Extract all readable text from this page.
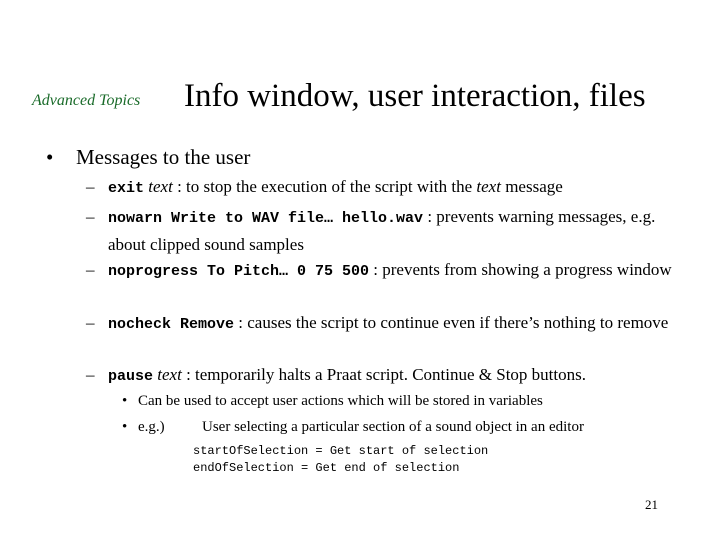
Advanced Topics Info window, user interaction, files
• Messages to the user
– exit text : to stop the execution of the script with the text message
– nowarn Write to WAV file… hello.wav : prevents warning messages, e.g. about clipped sound samples
– noprogress To Pitch… 0 75 500 : prevents from showing a progress window
– nocheck Remove : causes the script to continue even if there’s nothing to remove
– pause text : temporarily halts a Praat script. Continue & Stop buttons.
• Can be used to accept user actions which will be stored in variables
• e.g.) User selecting a particular section of a sound object in an editor
startOfSelection = Get start of selection
endOfSelection = Get end of selection
21
